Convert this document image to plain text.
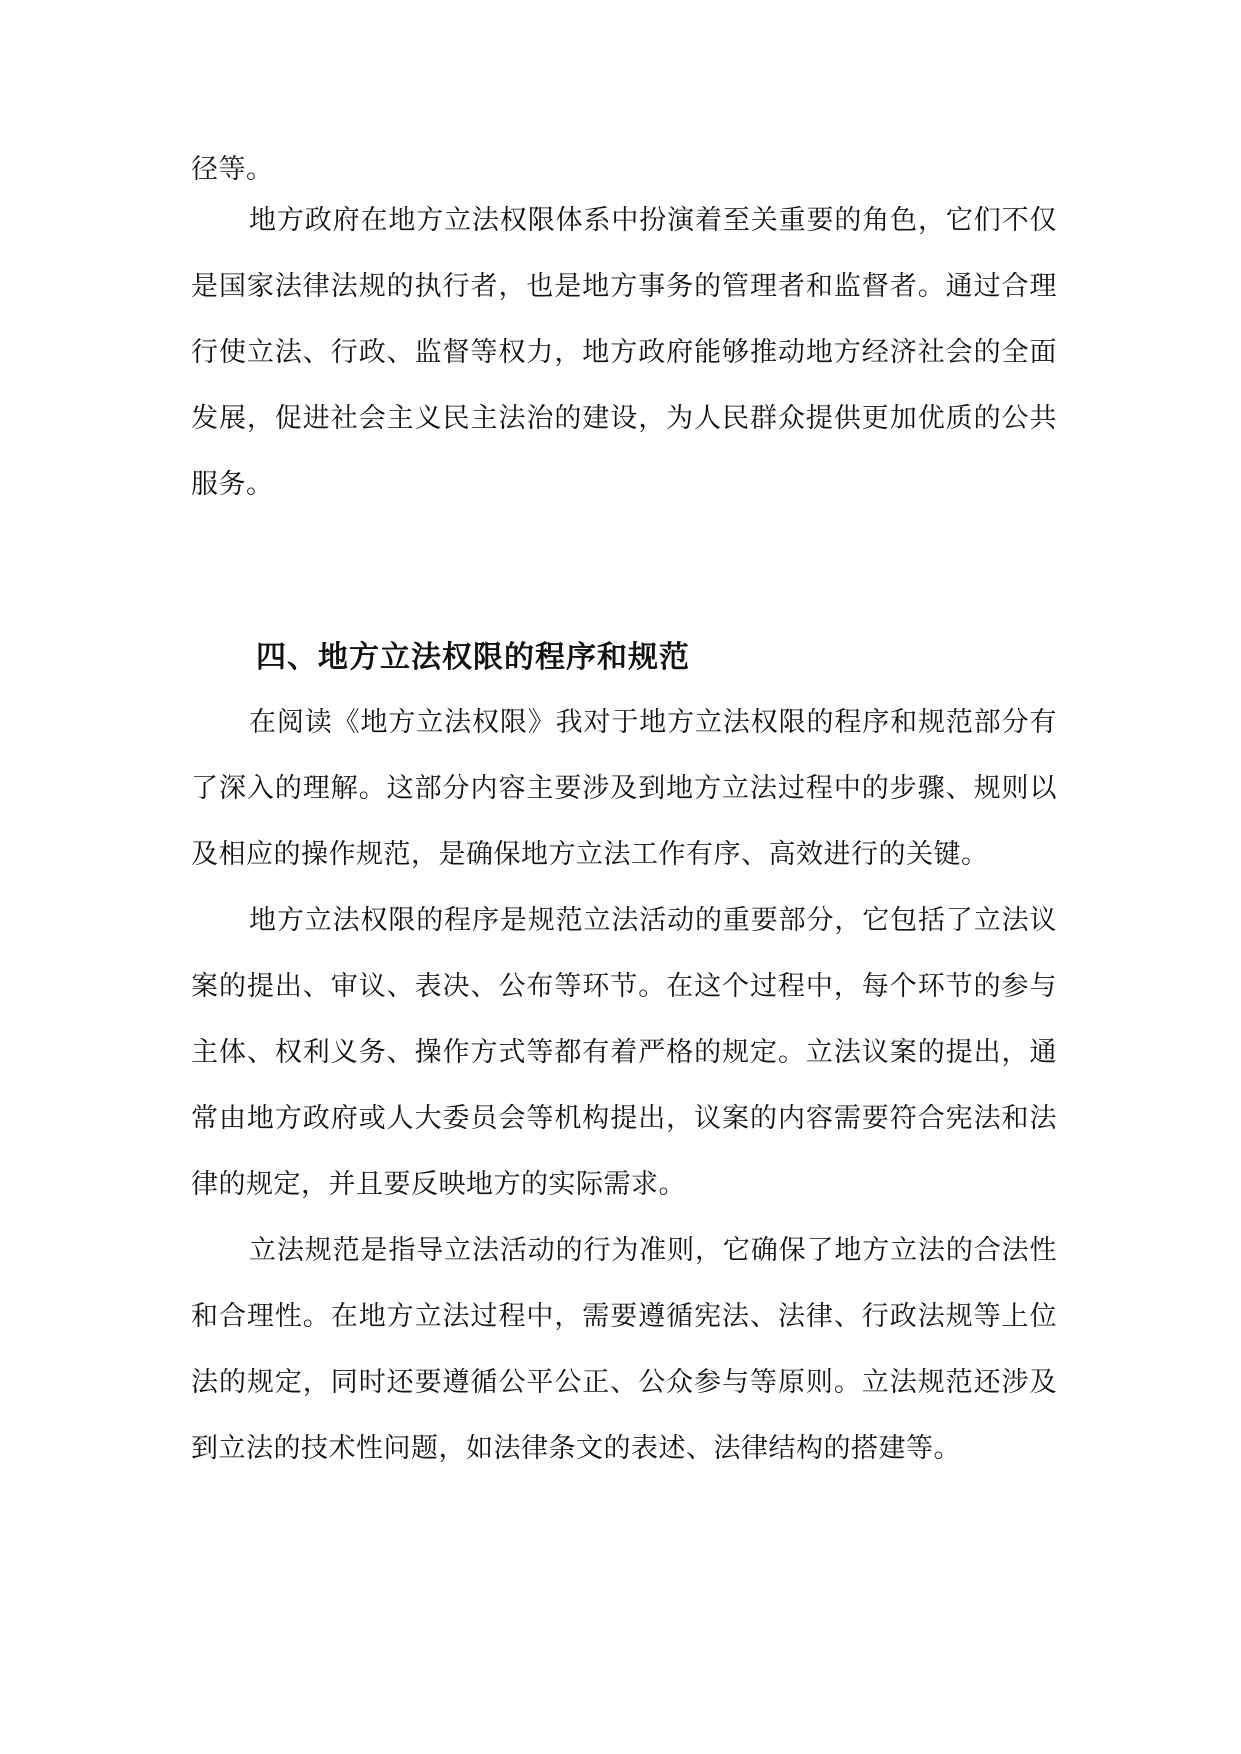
径等。

地方政府在地方立法权限体系中扮演着至关重要的角色，它们不仅是国家法律法规的执行者，也是地方事务的管理者和监督者。通过合理行使立法、行政、监督等权力，地方政府能够推动地方经济社会的全面发展，促进社会主义民主法治的建设，为人民群众提供更加优质的公共服务。

四、地方立法权限的程序和规范

在阅读《地方立法权限》我对于地方立法权限的程序和规范部分有了深入的理解。这部分内容主要涉及到地方立法过程中的步骤、规则以及相应的操作规范，是确保地方立法工作有序、高效进行的关键。

地方立法权限的程序是规范立法活动的重要部分，它包括了立法议案的提出、审议、表决、公布等环节。在这个过程中，每个环节的参与主体、权利义务、操作方式等都有着严格的规定。立法议案的提出，通常由地方政府或人大委员会等机构提出，议案的内容需要符合宪法和法律的规定，并且要反映地方的实际需求。

立法规范是指导立法活动的行为准则，它确保了地方立法的合法性和合理性。在地方立法过程中，需要遵循宪法、法律、行政法规等上位法的规定，同时还要遵循公平公正、公众参与等原则。立法规范还涉及到立法的技术性问题，如法律条文的表述、法律结构的搭建等。
